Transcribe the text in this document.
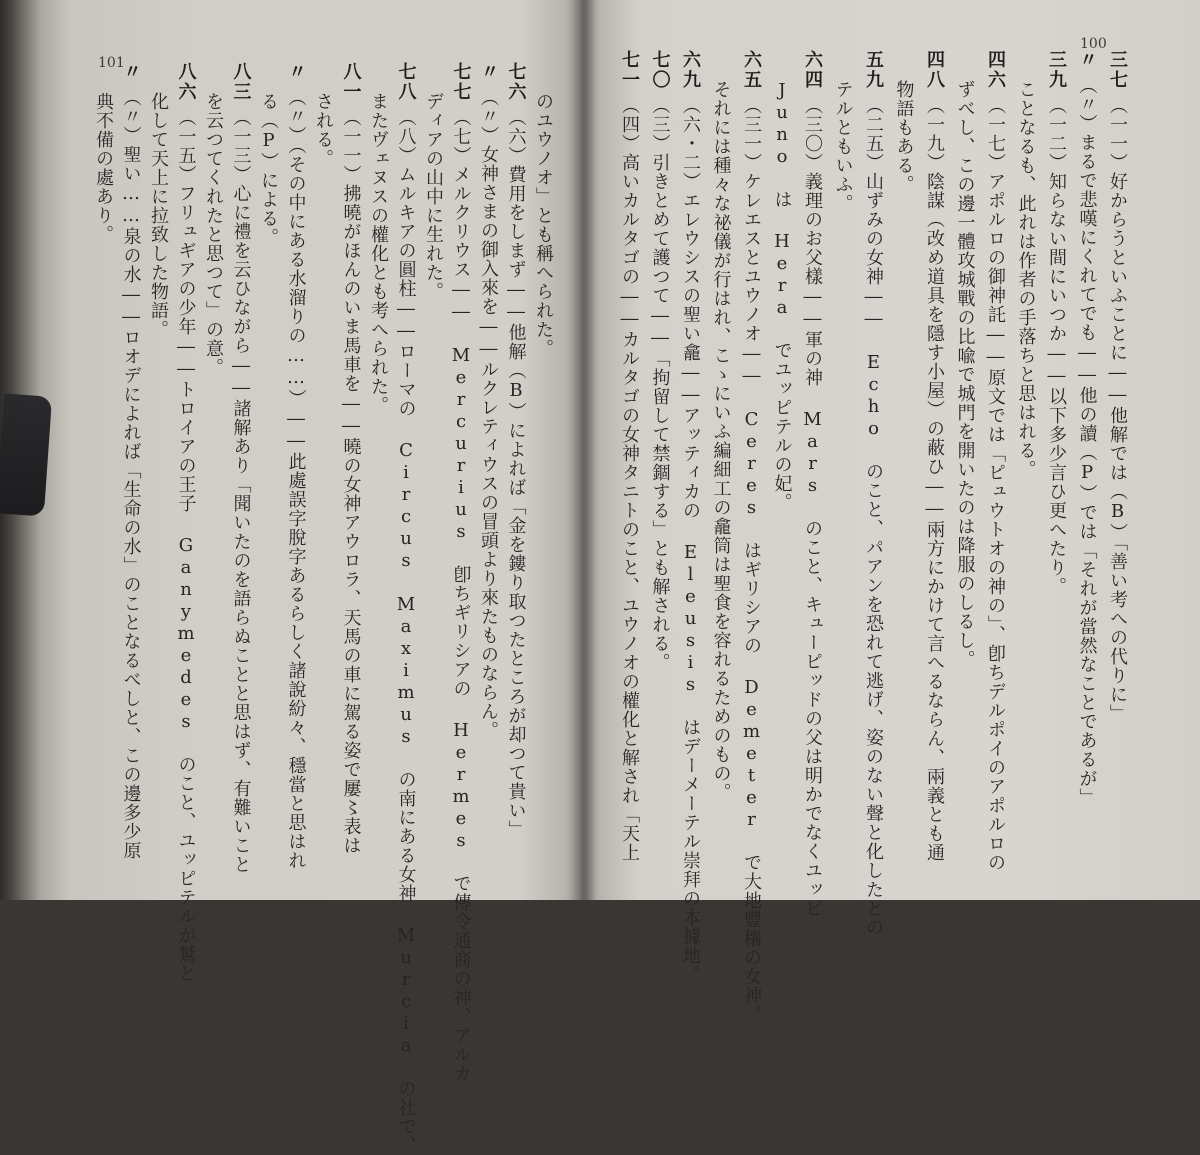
101
典不備の處あり。
〃（〃）聖い……泉の水――ロオデによれば「生命の水」のことなるべしと、この邊多少原 化して天上に拉致した物語。
八六（一五）フリュギアの少年――トロイアの王子 Ganymedes のこと、ユッピテルが鷲と を云つてくれたと思つて」の意。
八三（一三）心に禮を云ひながら――諸解あり「聞いたのを語らぬことと思はず、有難いこと る（P）による。
〃（〃）（その中にある水溜りの……）――此處誤字脫字あるらしく諸說紛々、穩當と思はれ される。
八一（一一）拂曉がほんのいま馬車を――曉の女神アウロラ、天馬の車に駕る姿で屢〻表は またヴェヌスの權化とも考へられた。
七八（八）ムルキアの圓柱――ローマの Circus Maximus の南にある女神 Murcia の社で、 ディアの山中に生れた。
七七（七）メルクリウス―― Mercurius 卽ちギリシアの Hermes で傳令通商の神、アルカ
〃（〃）女神さまの御入來を――ルクレティウスの冒頭より來たものならん。
七六（六）費用をしまず――他解（B）によれば「金を鏤り取つたところが却つて貴い」 のユウノオ」とも稱へられた。
100
七一（四）高いカルタゴの――カルタゴの女神タニトのこと、ユウノオの權化と解され「天上
七〇（三）引きとめて護つて――「拘留して禁錮する」とも解される。
六九（六・二）エレウシスの聖い龕――アッティカの Eleusis はデーメーテル崇拜の本據地。 それには種々な祕儀が行はれ、こゝにいふ編細工の龕筒は聖食を容れるためのもの。
六五（三一）ケレエスとユウノオ―― Ceres はギリシアの Demeter で大地豐穰の女神。 Juno は Hera でユッピテルの妃。
六四（三〇）義理のお父樣――軍の神 Mars のこと、キューピッドの父は明かでなくユッピ テルともいふ。
五九（二五）山ずみの女神―― Echo のこと、パアンを恐れて逃げ、姿のない聲と化したとの 物語もある。
四八（一九）陰謀（改め道具を隱す小屋）の蔽ひ――兩方にかけて言へるならん、兩義とも通 ずべし、この邊一體攻城戰の比喩で城門を開いたのは降服のしるし。
四六（一七）アポルロの御神託――原文では「ピュウトオの神の」、卽ちデルポイのアポルロの ことなるも、此れは作者の手落ちと思はれる。
三九（一二）知らない間にいつか――以下多少言ひ更へたり。
〃（〃）まるで悲嘆にくれてでも――他の讀（P）では「それが當然なことであるが」
三七（一一）好からうといふことに――他解では（B）「善い考への代りに」
